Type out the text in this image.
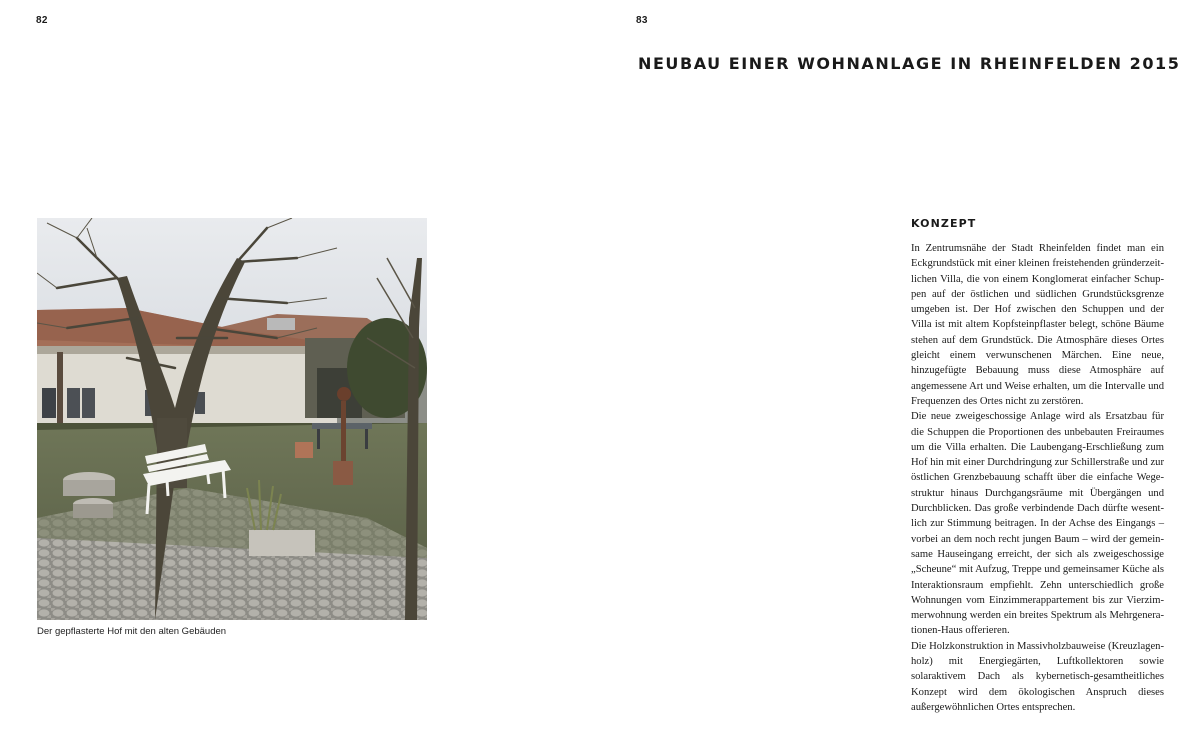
82	83
NEUBAU EINER WOHNANLAGE IN RHEINFELDEN 2015
Der gepflasterte Hof mit den alten Gebäuden
KONZEPT

In Zentrumsnähe der Stadt Rheinfelden findet man ein Eckgrundstück mit einer kleinen freistehenden gründerzeitlichen Villa, die von einem Konglomerat einfacher Schuppen auf der östlichen und südlichen Grundstücksgrenze umgeben ist. Der Hof zwischen den Schuppen und der Villa ist mit altem Kopfsteinpflaster belegt, schöne Bäume stehen auf dem Grundstück. Die Atmosphäre dieses Ortes gleicht einem verwunschenen Märchen. Eine neue, hinzugefügte Bebauung muss diese Atmosphäre auf angemessene Art und Weise erhalten, um die Intervalle und Frequenzen des Ortes nicht zu zerstören.

Die neue zweigeschossige Anlage wird als Ersatzbau für die Schuppen die Proportionen des unbebauten Freiraumes um die Villa erhalten. Die Laubengang-Erschließung zum Hof hin mit einer Durchdringung zur Schillerstraße und zur östlichen Grenzbebauung schafft über die einfache Wegestruktur hinaus Durchgangsräume mit Übergängen und Durchblicken. Das große verbindende Dach dürfte wesentlich zur Stimmung beitragen. In der Achse des Eingangs – vorbei an dem noch recht jungen Baum – wird der gemeinsame Hauseingang erreicht, der sich als zweigeschossige „Scheune“ mit Aufzug, Treppe und gemeinsamer Küche als Interaktionsraum empfiehlt. Zehn unterschiedlich große Wohnungen vom Einzimmerappartement bis zur Vierzimmerwohnung werden ein breites Spektrum als Mehrgenerationen-Haus offerieren.

Die Holzkonstruktion in Massivholzbauweise (Kreuzlagenholz) mit Energiegärten, Luftkollektoren sowie solaraktivem Dach als kybernetisch-gesamtheitliches Konzept wird dem ökologischen Anspruch dieses außergewöhnlichen Ortes entsprechen.
